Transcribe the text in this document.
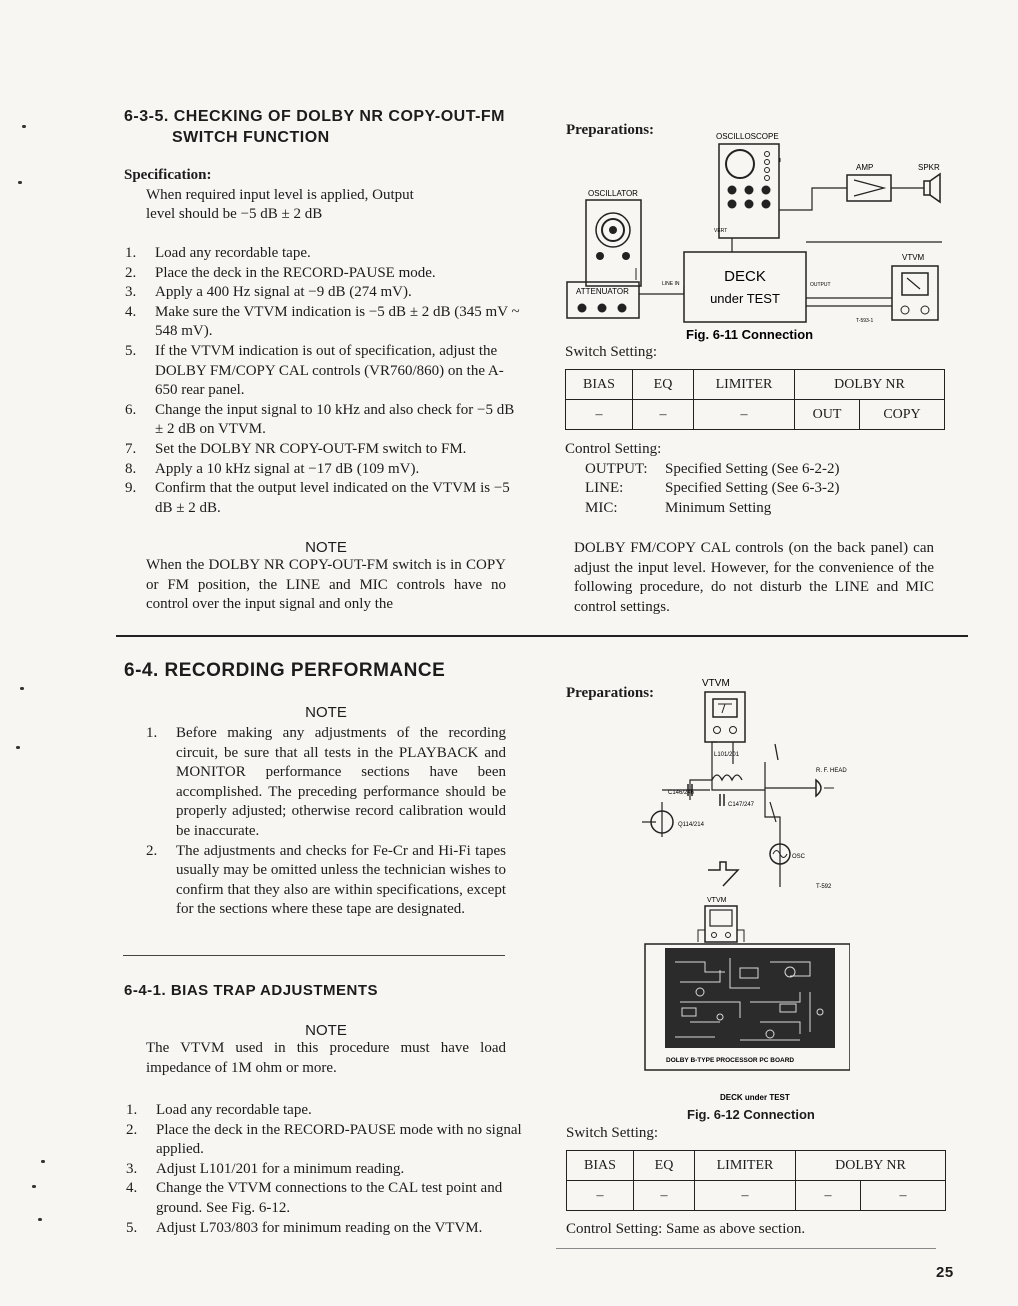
6-3-5. CHECKING OF DOLBY NR COPY-OUT-FM
SWITCH FUNCTION
Specification:
When required input level is applied, Output
level should be −5 dB ± 2 dB
1. Load any recordable tape.
2. Place the deck in the RECORD-PAUSE mode.
3. Apply a 400 Hz signal at −9 dB (274 mV).
4. Make sure the VTVM indication is −5 dB ± 2 dB (345 mV ~ 548 mV).
5. If the VTVM indication is out of specification, adjust the DOLBY FM/COPY CAL controls (VR760/860) on the A-650 rear panel.
6. Change the input signal to 10 kHz and also check for −5 dB ± 2 dB on VTVM.
7. Set the DOLBY NR COPY-OUT-FM switch to FM.
8. Apply a 10 kHz signal at −17 dB (109 mV).
9. Confirm that the output level indicated on the VTVM is −5 dB ± 2 dB.
NOTE
When the DOLBY NR COPY-OUT-FM switch is in COPY or FM position, the LINE and MIC controls have no control over the input signal and only the
Preparations:	OSCILLOSCOPE
VERT
OSCILLATOR
ATTENUATOR
LINE IN	DECK
under TEST
OUTPUT
AMP	SPKR
VTVM
T-593-1
Fig. 6-11 Connection
Switch Setting:
BIAS	EQ	LIMITER	DOLBY NR	
–	–	–	OUT	COPY
Control Setting:
OUTPUT: Specified Setting (See 6-2-2)
LINE:	Specified Setting (See 6-3-2)
MIC:	Minimum Setting
DOLBY FM/COPY CAL controls (on the back panel) can adjust the input level. However, for the convenience of the following procedure, do not disturb the LINE and MIC control settings.
6-4. RECORDING PERFORMANCE
NOTE
1. Before making any adjustments of the recording circuit, be sure that all tests in the PLAYBACK and MONITOR performance sections have been accomplished. The preceding performance should be properly adjusted; otherwise record calibration would be inaccurate.
2. The adjustments and checks for Fe-Cr and Hi-Fi tapes usually may be omitted unless the technician wishes to confirm that they also are within specifications, except for the sections where these tape are designated.
6-4-1. BIAS TRAP ADJUSTMENTS
NOTE
The VTVM used in this procedure must have load impedance of 1M ohm or more.
1. Load any recordable tape.
2. Place the deck in the RECORD-PAUSE mode with no signal applied.
3. Adjust L101/201 for a minimum reading.
4. Change the VTVM connections to the CAL test point and ground. See Fig. 6-12.
5. Adjust L703/803 for minimum reading on the VTVM.
Preparations:
VTVM
L101/201
C146/246
C147/247
R. F. HEAD
Q114/214
OSC
T-592
VTVM
DOLBY B-TYPE PROCESSOR PC BOARD
DECK under TEST
Fig. 6-12 Connection
Switch Setting:
BIAS	EQ	LIMITER	DOLBY NR	
–	–	–	–	–
Control Setting: Same as above section.
25
